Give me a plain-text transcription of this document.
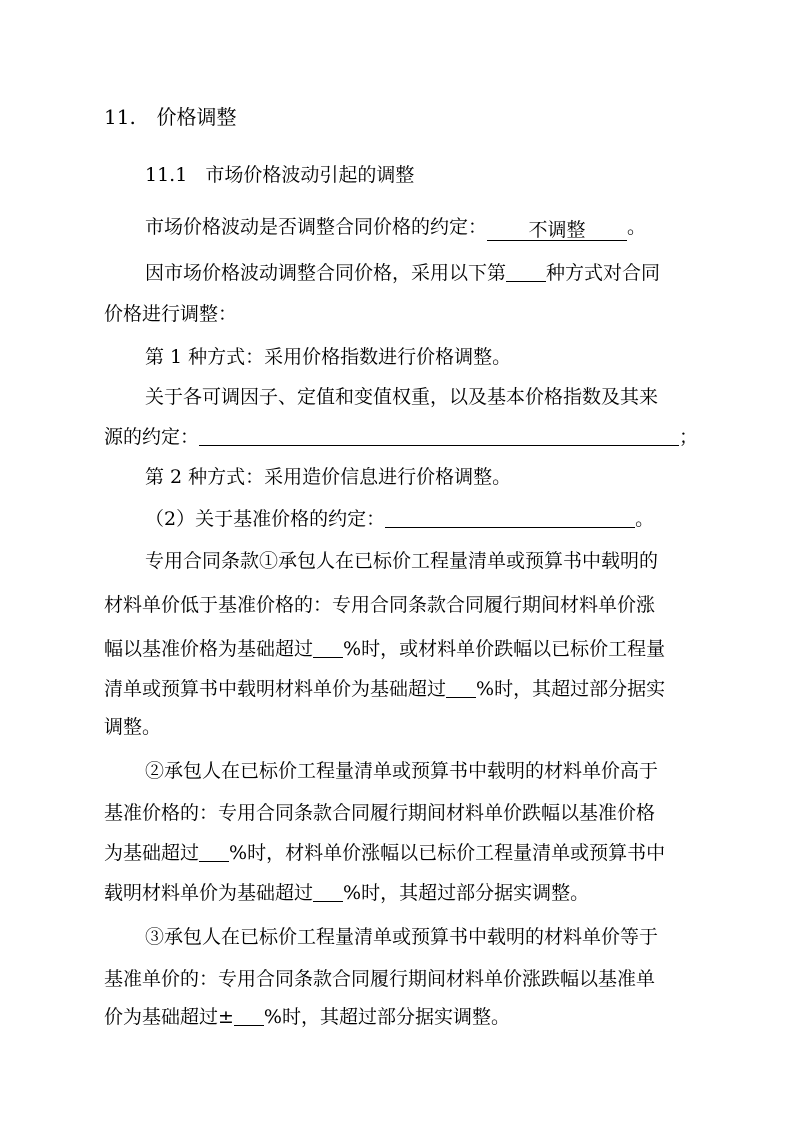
11. 价格调整
11.1 市场价格波动引起的调整
市场价格波动是否调整合同价格的约定： 不调整 。
因市场价格波动调整合同价格，采用以下第 种方式对合同
价格进行调整：
第 1 种方式：采用价格指数进行价格调整。
关于各可调因子、定值和变值权重，以及基本价格指数及其来
源的约定：	；
第 2 种方式：采用造价信息进行价格调整。
（2）关于基准价格的约定：	。
专用合同条款①承包人在已标价工程量清单或预算书中载明的
材料单价低于基准价格的：专用合同条款合同履行期间材料单价涨
幅以基准价格为基础超过 %时，或材料单价跌幅以已标价工程量
清单或预算书中载明材料单价为基础超过 %时，其超过部分据实
调整。
②承包人在已标价工程量清单或预算书中载明的材料单价高于
基准价格的：专用合同条款合同履行期间材料单价跌幅以基准价格
为基础超过 %时，材料单价涨幅以已标价工程量清单或预算书中
载明材料单价为基础超过 %时，其超过部分据实调整。
③承包人在已标价工程量清单或预算书中载明的材料单价等于
基准单价的：专用合同条款合同履行期间材料单价涨跌幅以基准单
价为基础超过± %时，其超过部分据实调整。
